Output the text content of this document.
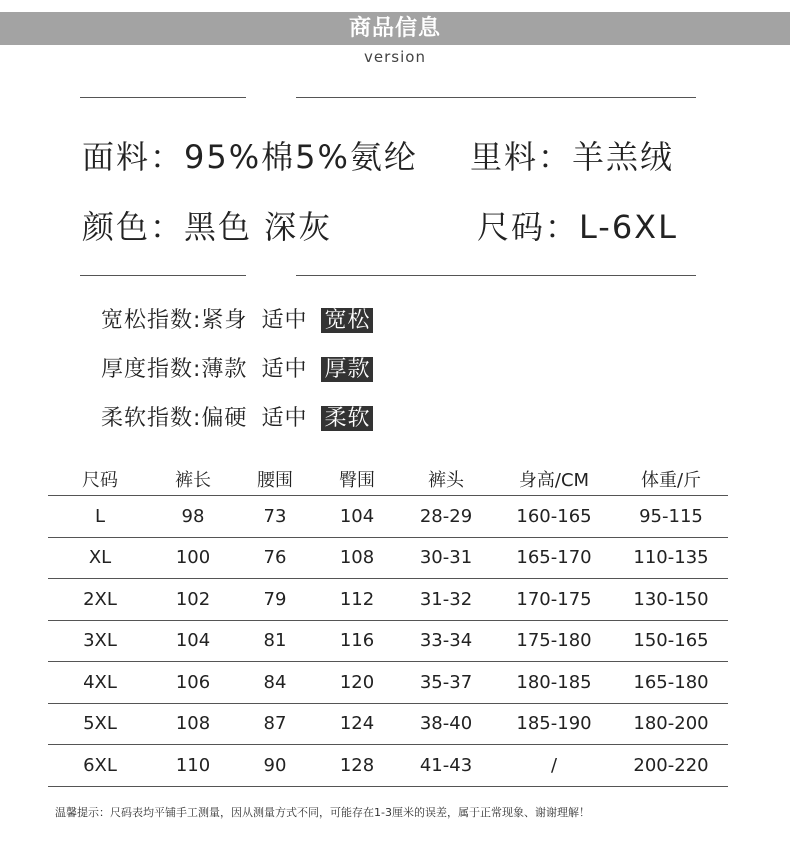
商品信息
version
面料：95%棉5%氨纶 里料：羊羔绒
颜色：黑色 深灰	尺码：L-6XL
宽松指数:紧身 适中 宽松
厚度指数:薄款 适中 厚款
柔软指数:偏硬 适中 柔软
尺码	裤长	腰围	臀围	裤头	身高/CM	体重/斤
L	98	73	104	28-29	160-165	95-115
XL	100	76	108	30-31	165-170	110-135
2XL	102	79	112	31-32	170-175	130-150
3XL	104	81	116	33-34	175-180	150-165
4XL	106	84	120	35-37	180-185	165-180
5XL	108	87	124	38-40	185-190	180-200
6XL	110	90	128	41-43	/	200-220
温馨提示：尺码表均平铺手工测量，因从测量方式不同，可能存在1-3厘米的误差，属于正常现象、谢谢理解！
